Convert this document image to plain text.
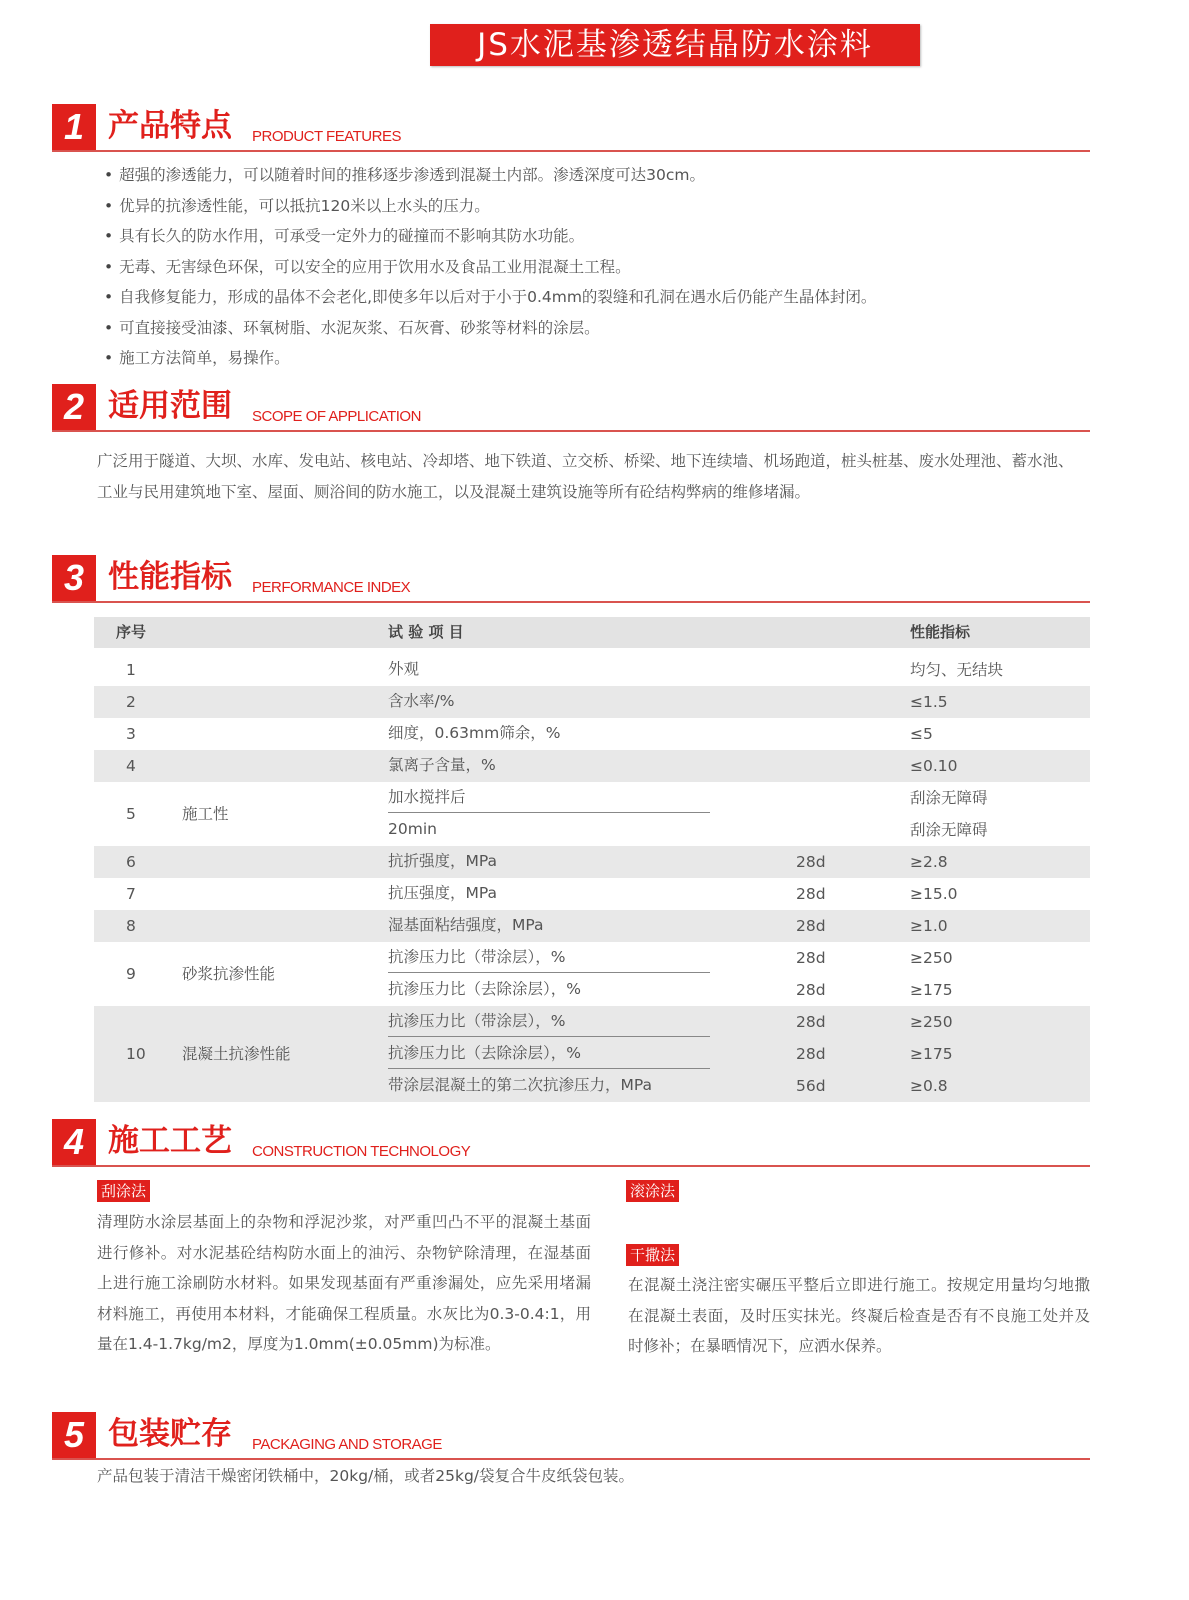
JS水泥基渗透结晶防水涂料
1 产品特点 PRODUCT FEATURES
• 超强的渗透能力，可以随着时间的推移逐步渗透到混凝土内部。渗透深度可达30cm。
• 优异的抗渗透性能，可以抵抗120米以上水头的压力。
• 具有长久的防水作用，可承受一定外力的碰撞而不影响其防水功能。
• 无毒、无害绿色环保，可以安全的应用于饮用水及食品工业用混凝土工程。
• 自我修复能力，形成的晶体不会老化,即使多年以后对于小于0.4mm的裂缝和孔洞在遇水后仍能产生晶体封闭。
• 可直接接受油漆、环氧树脂、水泥灰浆、石灰膏、砂浆等材料的涂层。
• 施工方法简单，易操作。
2 适用范围 SCOPE OF APPLICATION
广泛用于隧道、大坝、水库、发电站、核电站、冷却塔、地下铁道、立交桥、桥梁、地下连续墙、机场跑道，桩头桩基、废水处理池、蓄水池、工业与民用建筑地下室、屋面、厕浴间的防水施工，以及混凝土建筑设施等所有砼结构弊病的维修堵漏。
3 性能指标 PERFORMANCE INDEX
序号	试 验 项 目	性能指标
1	外观	均匀、无结块
2	含水率/%	≤1.5
3	细度，0.63mm筛余，%	≤5
4	氯离子含量，%	≤0.10
5	施工性
加水搅拌后	刮涂无障碍
20min	刮涂无障碍
6	抗折强度，MPa	28d	≥2.8
7	抗压强度，MPa	28d	≥15.0
8	湿基面粘结强度，MPa	28d	≥1.0
9	砂浆抗渗性能
抗渗压力比（带涂层），%	28d	≥250
抗渗压力比（去除涂层），%	28d	≥175
10 混凝土抗渗性能
抗渗压力比（带涂层），%	28d	≥250
抗渗压力比（去除涂层），%	28d	≥175
带涂层混凝土的第二次抗渗压力，MPa	56d	≥0.8
4 施工工艺 CONSTRUCTION TECHNOLOGY
刮涂法
清理防水涂层基面上的杂物和浮泥沙浆，对严重凹凸不平的混凝土基面进行修补。对水泥基砼结构防水面上的油污、杂物铲除清理，在湿基面上进行施工涂刷防水材料。如果发现基面有严重渗漏处，应先采用堵漏材料施工，再使用本材料，才能确保工程质量。水灰比为0.3-0.4:1，用量在1.4-1.7kg/m2，厚度为1.0mm(±0.05mm)为标准。
滚涂法
干撒法
在混凝土浇注密实碾压平整后立即进行施工。按规定用量均匀地撒在混凝土表面，及时压实抹光。终凝后检查是否有不良施工处并及时修补；在暴晒情况下，应洒水保养。
5 包装贮存 PACKAGING AND STORAGE
产品包装于清洁干燥密闭铁桶中，20kg/桶，或者25kg/袋复合牛皮纸袋包装。
